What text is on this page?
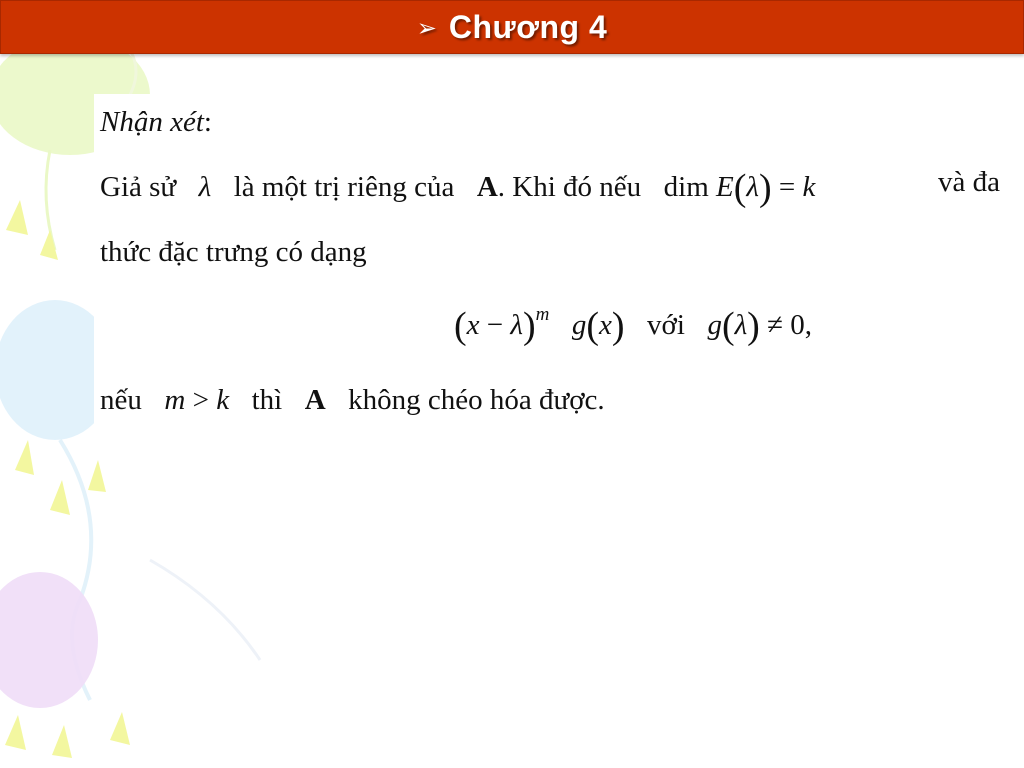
➢ Chương 4
Nhận xét:
Giả sử λ là một trị riêng của A. Khi đó nếu dim E(λ) = k	và đa
thức đặc trưng có dạng
$(x - \lambda)^m$ g(x) với g(λ) ≠ 0,
nếu m > k thì A không chéo hóa được.
